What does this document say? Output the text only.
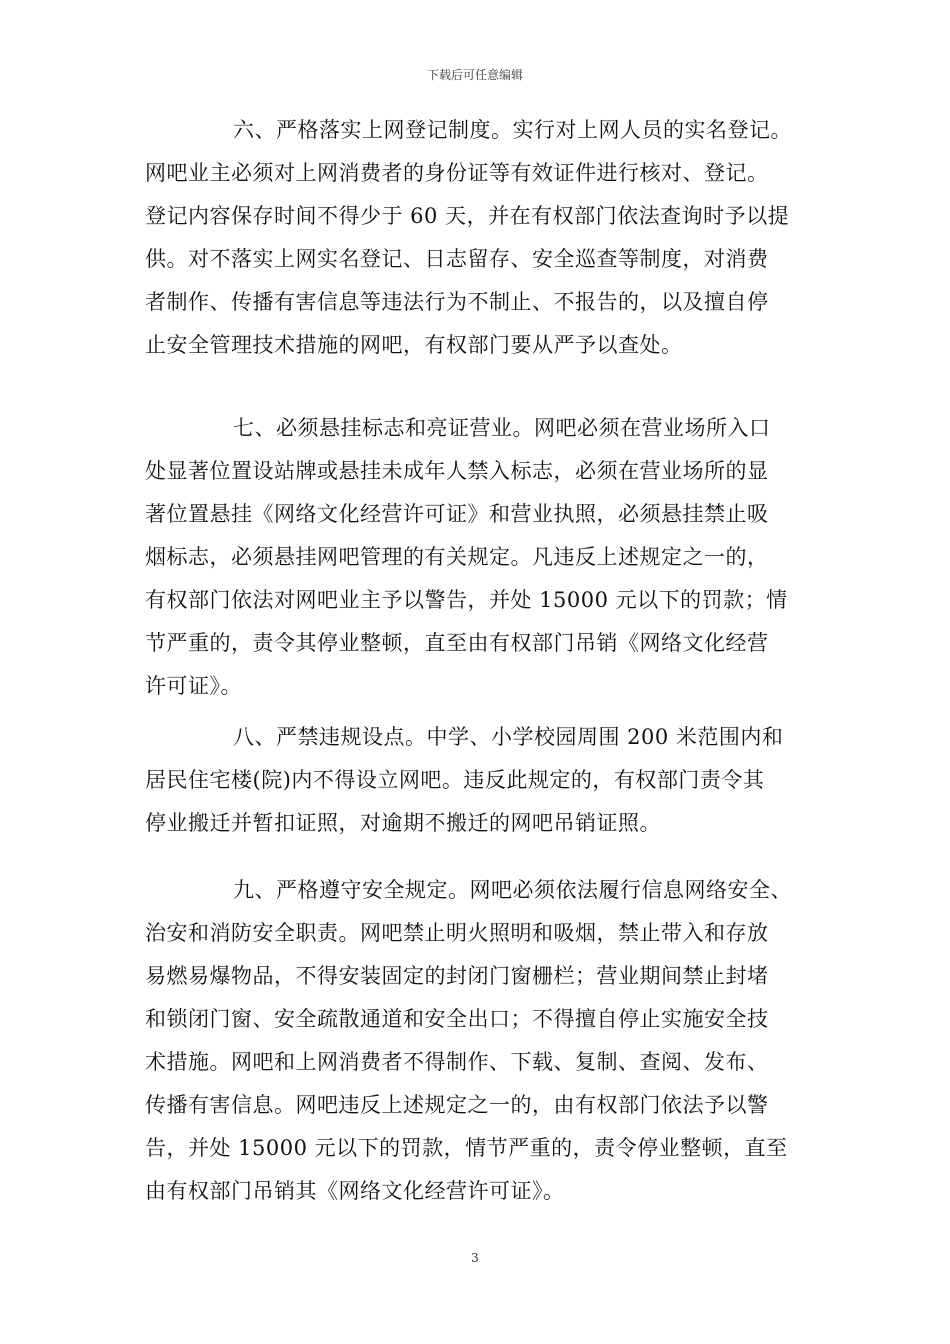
下载后可任意编辑
六、严格落实上网登记制度。实行对上网人员的实名登记。
网吧业主必须对上网消费者的身份证等有效证件进行核对、登记。
登记内容保存时间不得少于 60 天，并在有权部门依法查询时予以提
供。对不落实上网实名登记、日志留存、安全巡查等制度，对消费
者制作、传播有害信息等违法行为不制止、不报告的，以及擅自停
止安全管理技术措施的网吧，有权部门要从严予以查处。
七、必须悬挂标志和亮证营业。网吧必须在营业场所入口
处显著位置设站牌或悬挂未成年人禁入标志，必须在营业场所的显
著位置悬挂《网络文化经营许可证》和营业执照，必须悬挂禁止吸
烟标志，必须悬挂网吧管理的有关规定。凡违反上述规定之一的，
有权部门依法对网吧业主予以警告，并处 15000 元以下的罚款；情
节严重的，责令其停业整顿，直至由有权部门吊销《网络文化经营
许可证》。
八、严禁违规设点。中学、小学校园周围 200 米范围内和
居民住宅楼(院)内不得设立网吧。违反此规定的，有权部门责令其
停业搬迁并暂扣证照，对逾期不搬迁的网吧吊销证照。
九、严格遵守安全规定。网吧必须依法履行信息网络安全、
治安和消防安全职责。网吧禁止明火照明和吸烟，禁止带入和存放
易燃易爆物品，不得安装固定的封闭门窗栅栏；营业期间禁止封堵
和锁闭门窗、安全疏散通道和安全出口；不得擅自停止实施安全技
术措施。网吧和上网消费者不得制作、下载、复制、查阅、发布、
传播有害信息。网吧违反上述规定之一的，由有权部门依法予以警
告，并处 15000 元以下的罚款，情节严重的，责令停业整顿，直至
由有权部门吊销其《网络文化经营许可证》。
3
